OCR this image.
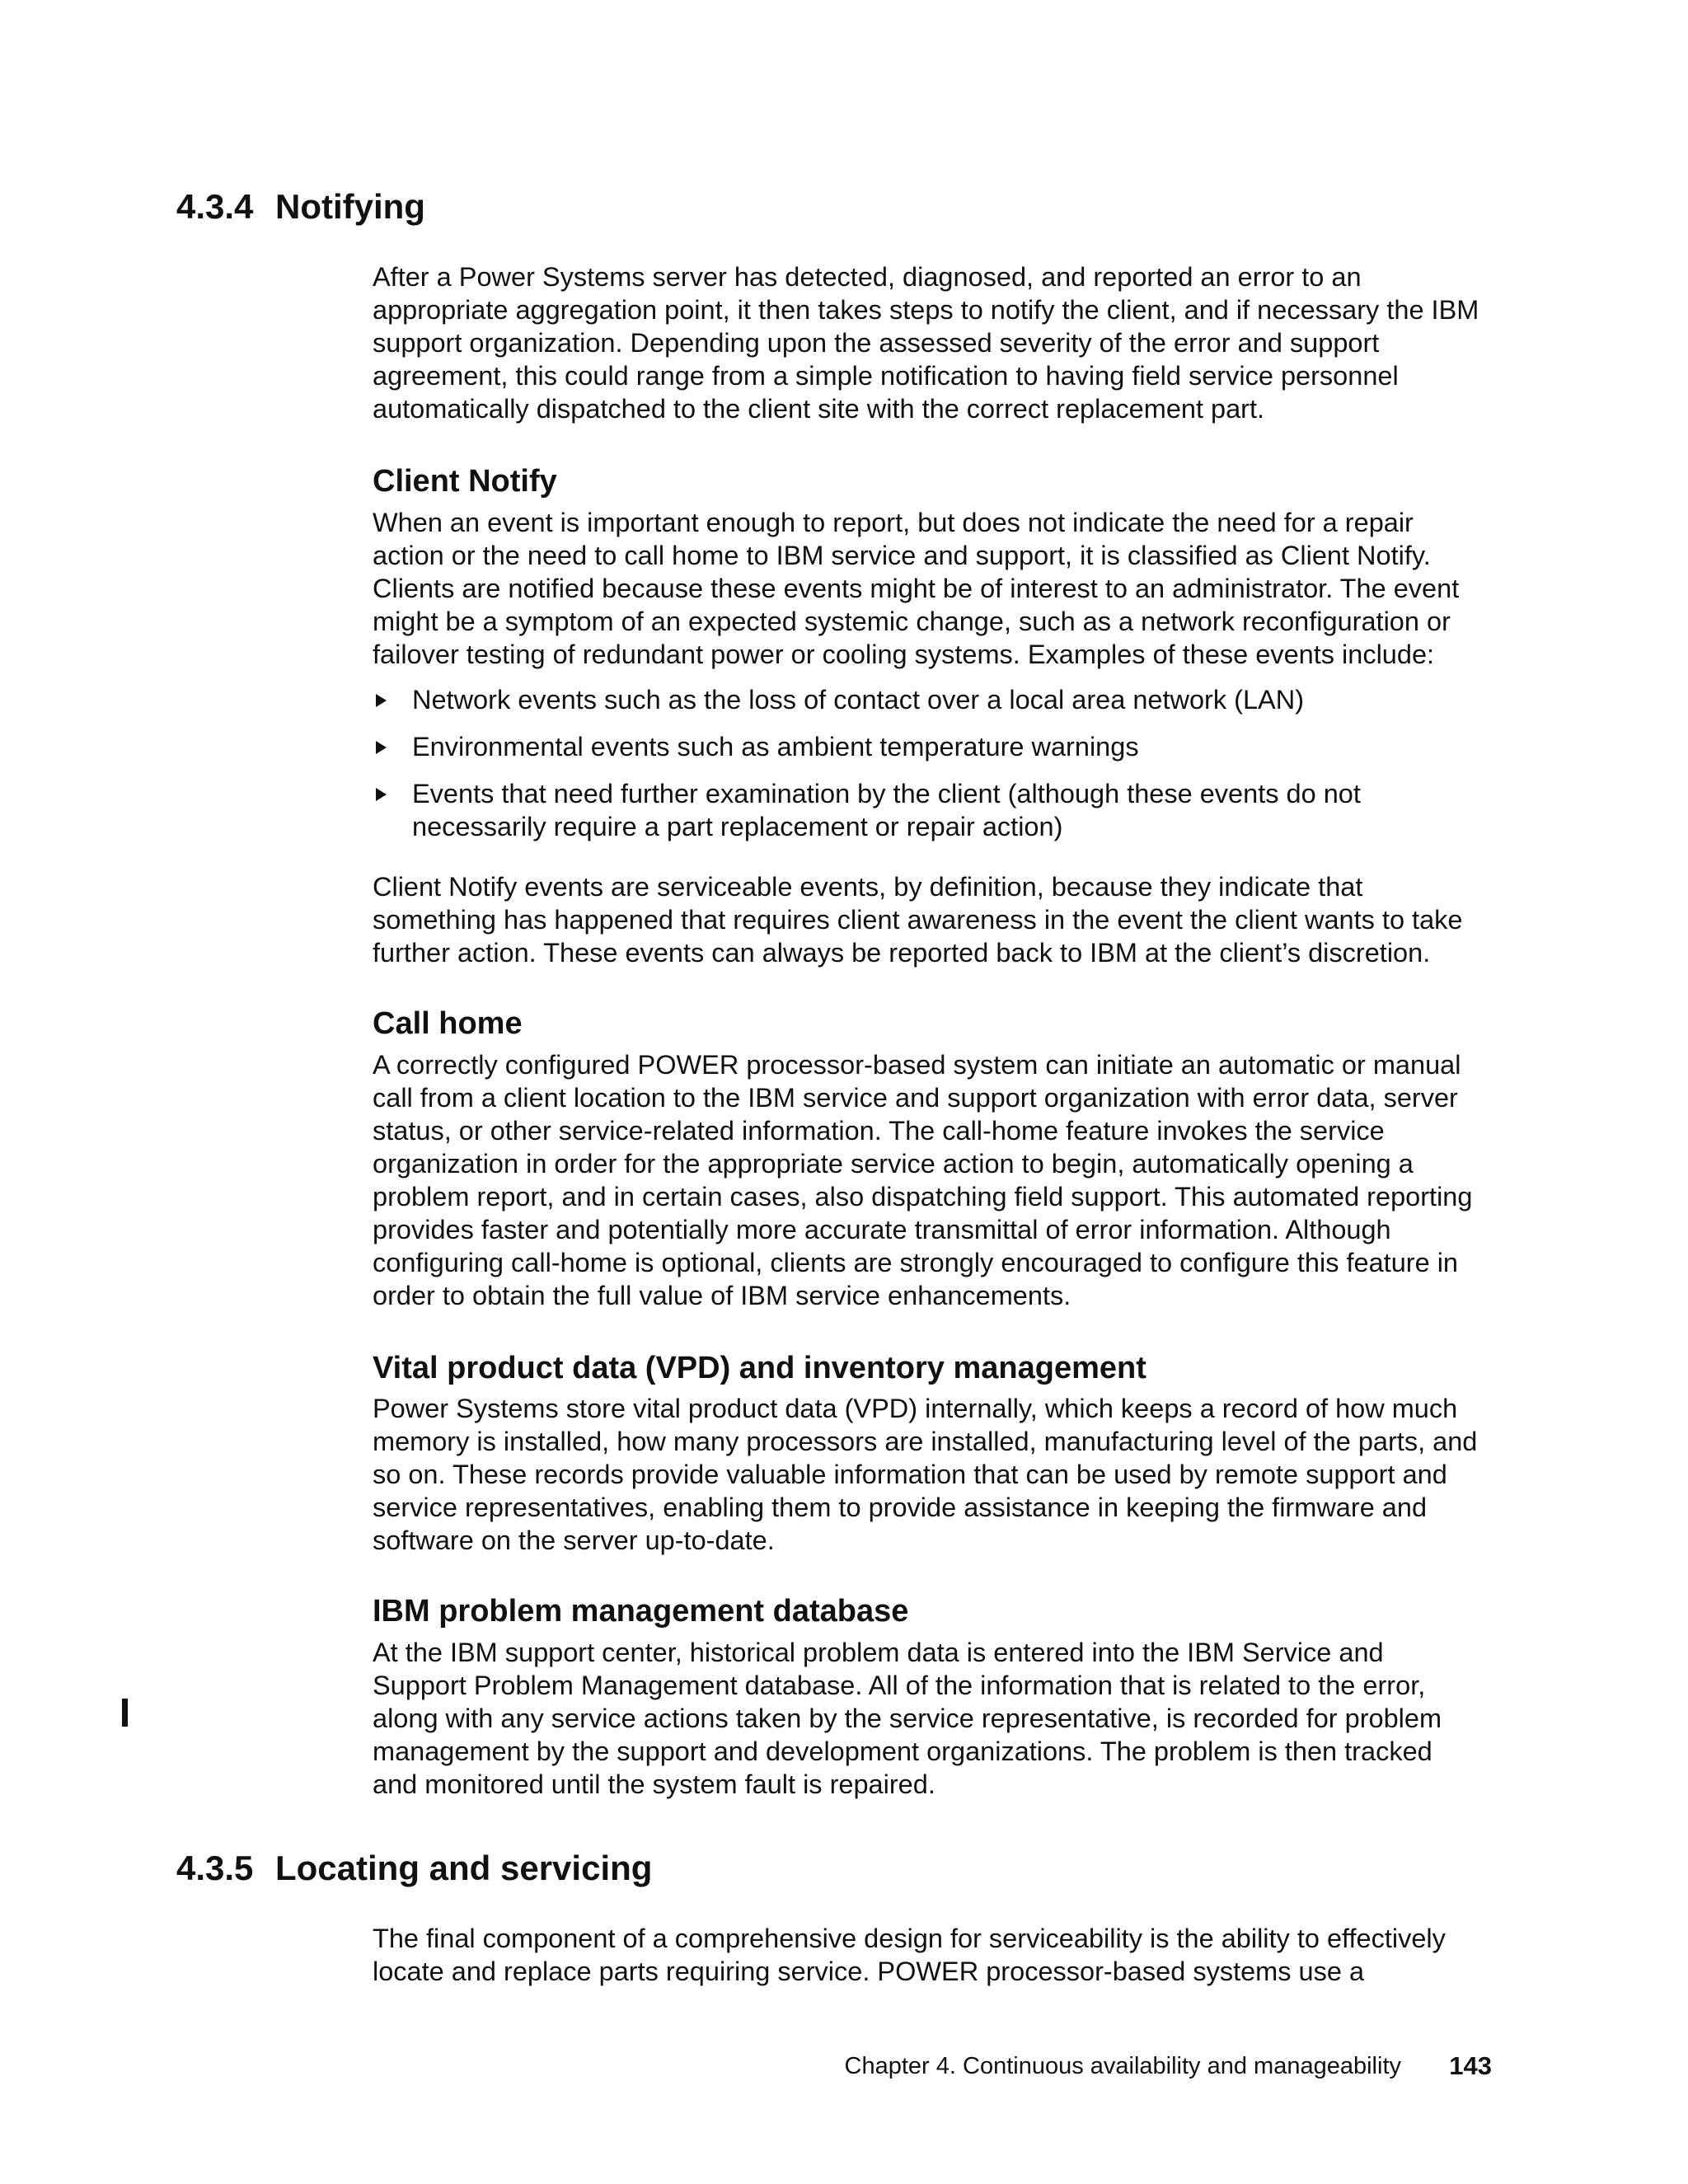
4.3.4 Notifying
After a Power Systems server has detected, diagnosed, and reported an error to an
appropriate aggregation point, it then takes steps to notify the client, and if necessary the IBM
support organization. Depending upon the assessed severity of the error and support
agreement, this could range from a simple notification to having field service personnel
automatically dispatched to the client site with the correct replacement part.
Client Notify
When an event is important enough to report, but does not indicate the need for a repair
action or the need to call home to IBM service and support, it is classified as Client Notify.
Clients are notified because these events might be of interest to an administrator. The event
might be a symptom of an expected systemic change, such as a network reconfiguration or
failover testing of redundant power or cooling systems. Examples of these events include:
Network events such as the loss of contact over a local area network (LAN)
Environmental events such as ambient temperature warnings
Events that need further examination by the client (although these events do not
necessarily require a part replacement or repair action)
Client Notify events are serviceable events, by definition, because they indicate that
something has happened that requires client awareness in the event the client wants to take
further action. These events can always be reported back to IBM at the client’s discretion.
Call home
A correctly configured POWER processor-based system can initiate an automatic or manual
call from a client location to the IBM service and support organization with error data, server
status, or other service-related information. The call-home feature invokes the service
organization in order for the appropriate service action to begin, automatically opening a
problem report, and in certain cases, also dispatching field support. This automated reporting
provides faster and potentially more accurate transmittal of error information. Although
configuring call-home is optional, clients are strongly encouraged to configure this feature in
order to obtain the full value of IBM service enhancements.
Vital product data (VPD) and inventory management
Power Systems store vital product data (VPD) internally, which keeps a record of how much
memory is installed, how many processors are installed, manufacturing level of the parts, and
so on. These records provide valuable information that can be used by remote support and
service representatives, enabling them to provide assistance in keeping the firmware and
software on the server up-to-date.
IBM problem management database
At the IBM support center, historical problem data is entered into the IBM Service and
Support Problem Management database. All of the information that is related to the error,
along with any service actions taken by the service representative, is recorded for problem
management by the support and development organizations. The problem is then tracked
and monitored until the system fault is repaired.
4.3.5 Locating and servicing
The final component of a comprehensive design for serviceability is the ability to effectively
locate and replace parts requiring service. POWER processor-based systems use a
Chapter 4. Continuous availability and manageability 143
